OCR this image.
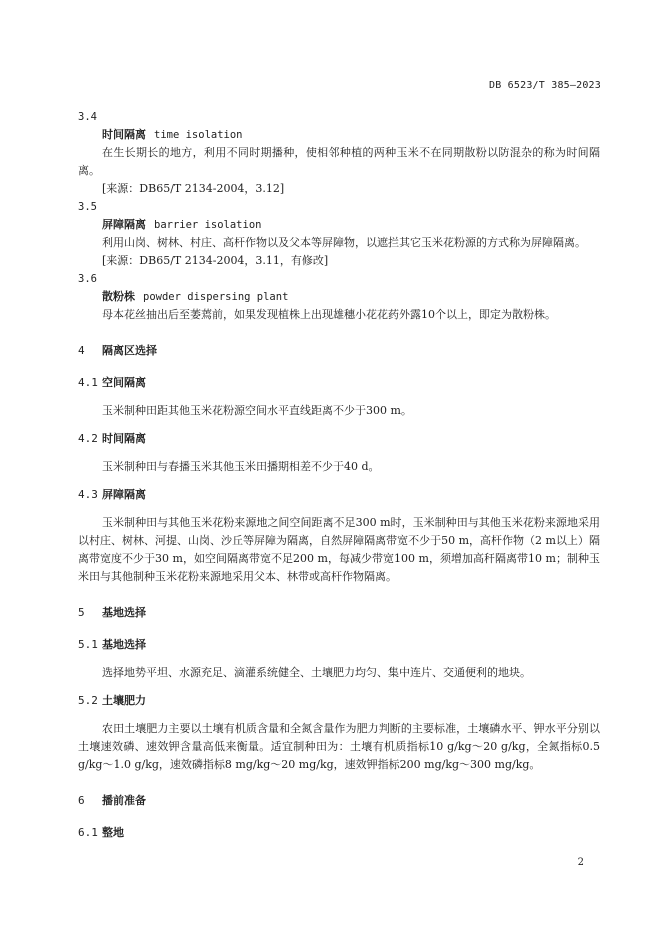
DB 6523/T 385—2023
3.4
时间隔离 time isolation
在生长期长的地方，利用不同时期播种，使相邻种植的两种玉米不在同期散粉以防混杂的称为时间隔离。
[来源：DB65/T 2134-2004，3.12]
3.5
屏障隔离 barrier isolation
利用山岗、树林、村庄、高杆作物以及父本等屏障物，以遮拦其它玉米花粉源的方式称为屏障隔离。
[来源：DB65/T 2134-2004，3.11，有修改]
3.6
散粉株 powder dispersing plant
母本花丝抽出后至萎蔫前，如果发现植株上出现雄穗小花花药外露10个以上，即定为散粉株。
4 隔离区选择
4.1 空间隔离
玉米制种田距其他玉米花粉源空间水平直线距离不少于300 m。
4.2 时间隔离
玉米制种田与春播玉米其他玉米田播期相差不少于40 d。
4.3 屏障隔离
玉米制种田与其他玉米花粉来源地之间空间距离不足300 m时，玉米制种田与其他玉米花粉来源地采用以村庄、树林、河提、山岗、沙丘等屏障为隔离，自然屏障隔离带宽不少于50 m，高杆作物（2 m以上）隔离带宽度不少于30 m，如空间隔离带宽不足200 m，每减少带宽100 m，须增加高秆隔离带10 m；制种玉米田与其他制种玉米花粉来源地采用父本、林带或高杆作物隔离。
5 基地选择
5.1 基地选择
选择地势平坦、水源充足、滴灌系统健全、土壤肥力均匀、集中连片、交通便利的地块。
5.2 土壤肥力
农田土壤肥力主要以土壤有机质含量和全氮含量作为肥力判断的主要标准，土壤磷水平、钾水平分别以土壤速效磷、速效钾含量高低来衡量。适宜制种田为：土壤有机质指标10 g/kg～20 g/kg，全氮指标0.5 g/kg～1.0 g/kg，速效磷指标8 mg/kg～20 mg/kg，速效钾指标200 mg/kg～300 mg/kg。
6 播前准备
6.1 整地
2
